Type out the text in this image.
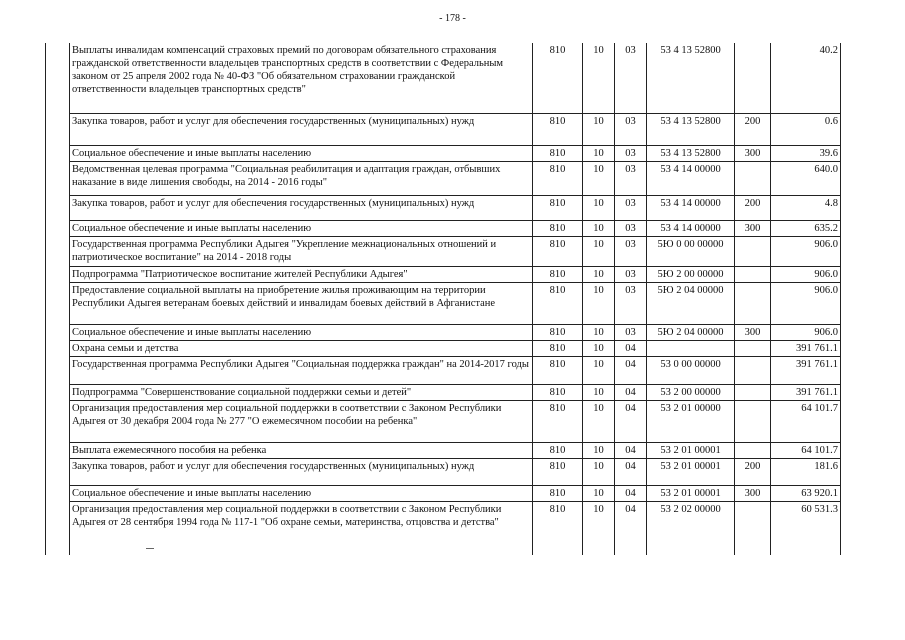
- 178 -
	Выплаты инвалидам компенсаций страховых премий по договорам обязательного страхования гражданской ответственности владельцев транспортных средств в соответствии с Федеральным законом от 25 апреля 2002 года № 40-ФЗ "Об обязательном страховании гражданской ответственности владельцев транспортных средств"	810	10	03	53 4 13 52800		40.2
	Закупка товаров, работ и услуг для обеспечения государственных (муниципальных) нужд	810	10	03	53 4 13 52800	200	0.6
	Социальное обеспечение и иные выплаты населению	810	10	03	53 4 13 52800	300	39.6
	Ведомственная целевая программа "Социальная реабилитация и адаптация граждан, отбывших наказание в виде лишения свободы, на 2014 - 2016 годы"	810	10	03	53 4 14 00000		640.0
	Закупка товаров, работ и услуг для обеспечения государственных (муниципальных) нужд	810	10	03	53 4 14 00000	200	4.8
	Социальное обеспечение и иные выплаты населению	810	10	03	53 4 14 00000	300	635.2
	Государственная программа Республики Адыгея "Укрепление межнациональных отношений и патриотическое воспитание" на 2014 - 2018 годы	810	10	03	5Ю 0 00 00000		906.0
	Подпрограмма "Патриотическое воспитание жителей Республики Адыгея"	810	10	03	5Ю 2 00 00000		906.0
	Предоставление социальной выплаты на приобретение жилья проживающим на территории Республики Адыгея ветеранам боевых действий и инвалидам боевых действий в Афганистане	810	10	03	5Ю 2 04 00000		906.0
	Социальное обеспечение и иные выплаты населению	810	10	03	5Ю 2 04 00000	300	906.0
	Охрана семьи и детства	810	10	04			391 761.1
	Государственная программа Республики Адыгея "Социальная поддержка граждан" на 2014-2017 годы	810	10	04	53 0 00 00000		391 761.1
	Подпрограмма "Совершенствование социальной поддержки семьи и детей"	810	10	04	53 2 00 00000		391 761.1
	Организация предоставления мер социальной поддержки в соответствии с Законом Республики Адыгея от 30 декабря 2004 года № 277 "О ежемесячном пособии на ребенка"	810	10	04	53 2 01 00000		64 101.7
	Выплата ежемесячного пособия на ребенка	810	10	04	53 2 01 00001		64 101.7
	Закупка товаров, работ и услуг для обеспечения государственных (муниципальных) нужд	810	10	04	53 2 01 00001	200	181.6
	Социальное обеспечение и иные выплаты населению	810	10	04	53 2 01 00001	300	63 920.1
	Организация предоставления мер социальной поддержки в соответствии с Законом Республики Адыгея от 28 сентября 1994 года № 117-1 "Об охране семьи, материнства, отцовства и детства"	810	10	04	53 2 02 00000		60 531.3
